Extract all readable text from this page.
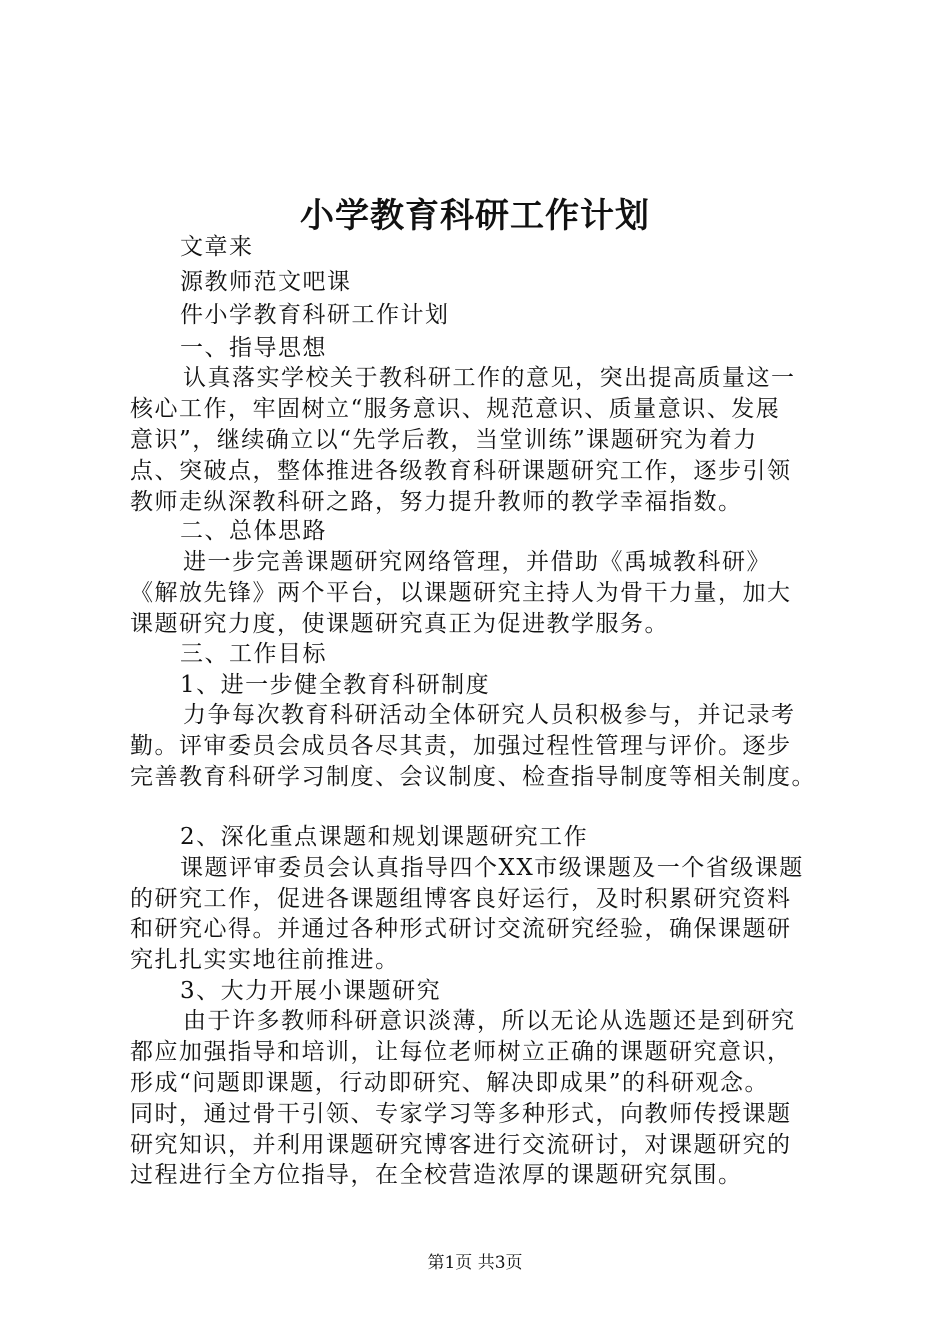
小学教育科研工作计划
文章来
源教师范文吧课
件小学教育科研工作计划
一、指导思想
认真落实学校关于教科研工作的意见，突出提高质量这一
核心工作，牢固树立“服务意识、规范意识、质量意识、发展
意识”，继续确立以“先学后教，当堂训练”课题研究为着力
点、突破点，整体推进各级教育科研课题研究工作，逐步引领
教师走纵深教科研之路，努力提升教师的教学幸福指数。
二、总体思路
进一步完善课题研究网络管理，并借助《禹城教科研》
《解放先锋》两个平台，以课题研究主持人为骨干力量，加大
课题研究力度，使课题研究真正为促进教学服务。
三、工作目标
1、进一步健全教育科研制度
力争每次教育科研活动全体研究人员积极参与，并记录考
勤。评审委员会成员各尽其责，加强过程性管理与评价。逐步
完善教育科研学习制度、会议制度、检查指导制度等相关制度。
2、深化重点课题和规划课题研究工作
课题评审委员会认真指导四个XX市级课题及一个省级课题
的研究工作，促进各课题组博客良好运行，及时积累研究资料
和研究心得。并通过各种形式研讨交流研究经验，确保课题研
究扎扎实实地往前推进。
3、大力开展小课题研究
由于许多教师科研意识淡薄，所以无论从选题还是到研究
都应加强指导和培训，让每位老师树立正确的课题研究意识，
形成“问题即课题，行动即研究、解决即成果”的科研观念。
同时，通过骨干引领、专家学习等多种形式，向教师传授课题
研究知识，并利用课题研究博客进行交流研讨，对课题研究的
过程进行全方位指导，在全校营造浓厚的课题研究氛围。
第1页 共3页
